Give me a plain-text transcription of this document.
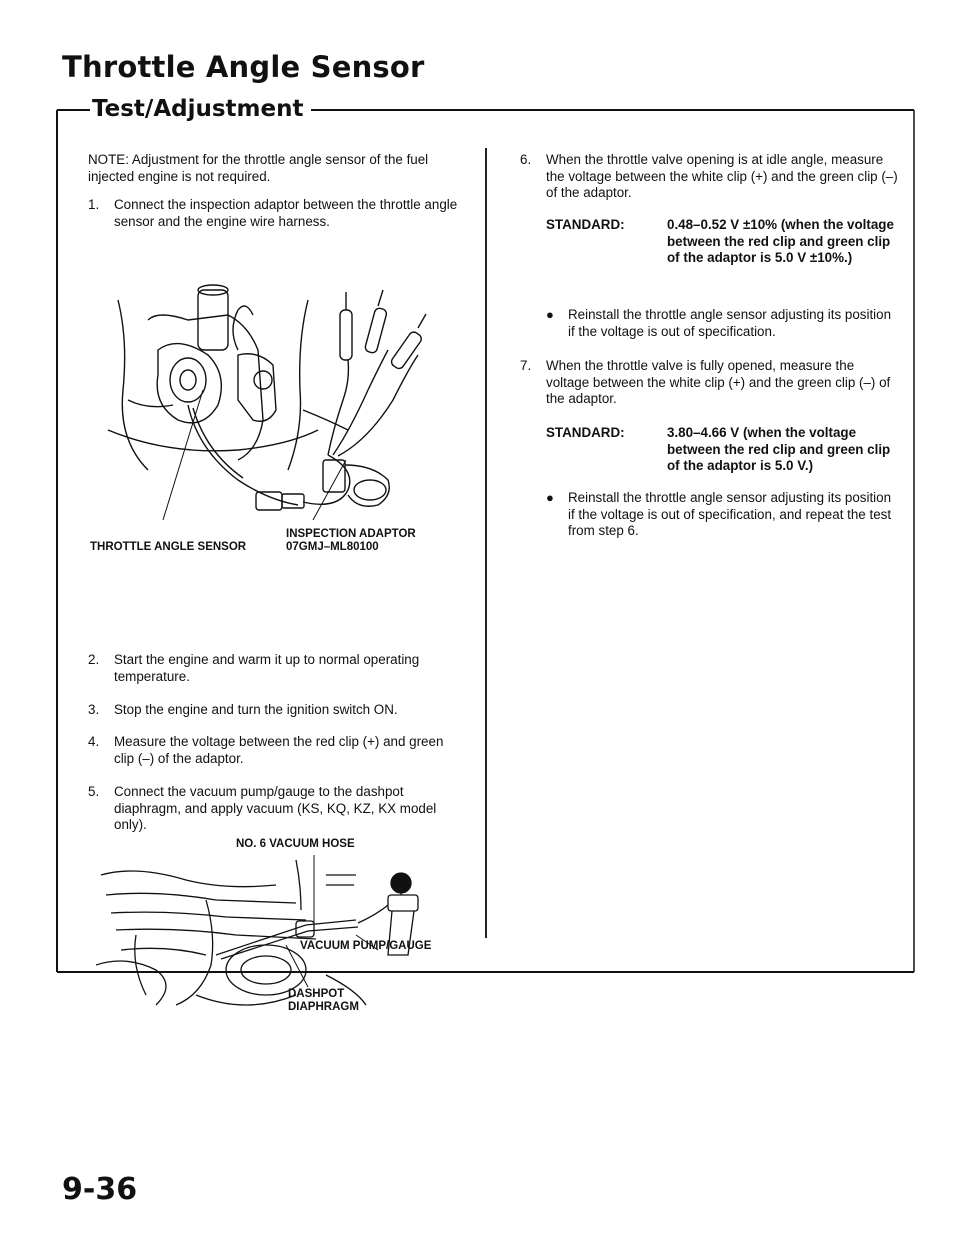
Throttle Angle Sensor
Test/Adjustment
NOTE: Adjustment for the throttle angle sensor of the fuel injected engine is not required.
1.	Connect the inspection adaptor between the throttle angle sensor and the engine wire harness.
THROTTLE ANGLE SENSOR
INSPECTION ADAPTOR
07GMJ–ML80100
2.	Start the engine and warm it up to normal operating temperature.
3.	Stop the engine and turn the ignition switch ON.
4.	Measure the voltage between the red clip (+) and green clip (–) of the adaptor.
5.	Connect the vacuum pump/gauge to the dashpot diaphragm, and apply vacuum (KS, KQ, KZ, KX model only).
NO. 6 VACUUM HOSE
VACUUM PUMP/GAUGE
DASHPOT
DIAPHRAGM
6.	When the throttle valve opening is at idle angle, measure the voltage between the white clip (+) and the green clip (–) of the adaptor.
STANDARD:	0.48–0.52 V ±10% (when the voltage between the red clip and green clip of the adaptor is 5.0 V ±10%.)
●	Reinstall the throttle angle sensor adjusting its position if the voltage is out of specification.
7.	When the throttle valve is fully opened, measure the voltage between the white clip (+) and the green clip (–) of the adaptor.
STANDARD:	3.80–4.66 V (when the voltage between the red clip and green clip of the adaptor is 5.0 V.)
●	Reinstall the throttle angle sensor adjusting its position if the voltage is out of specification, and repeat the test from step 6.
9-36
